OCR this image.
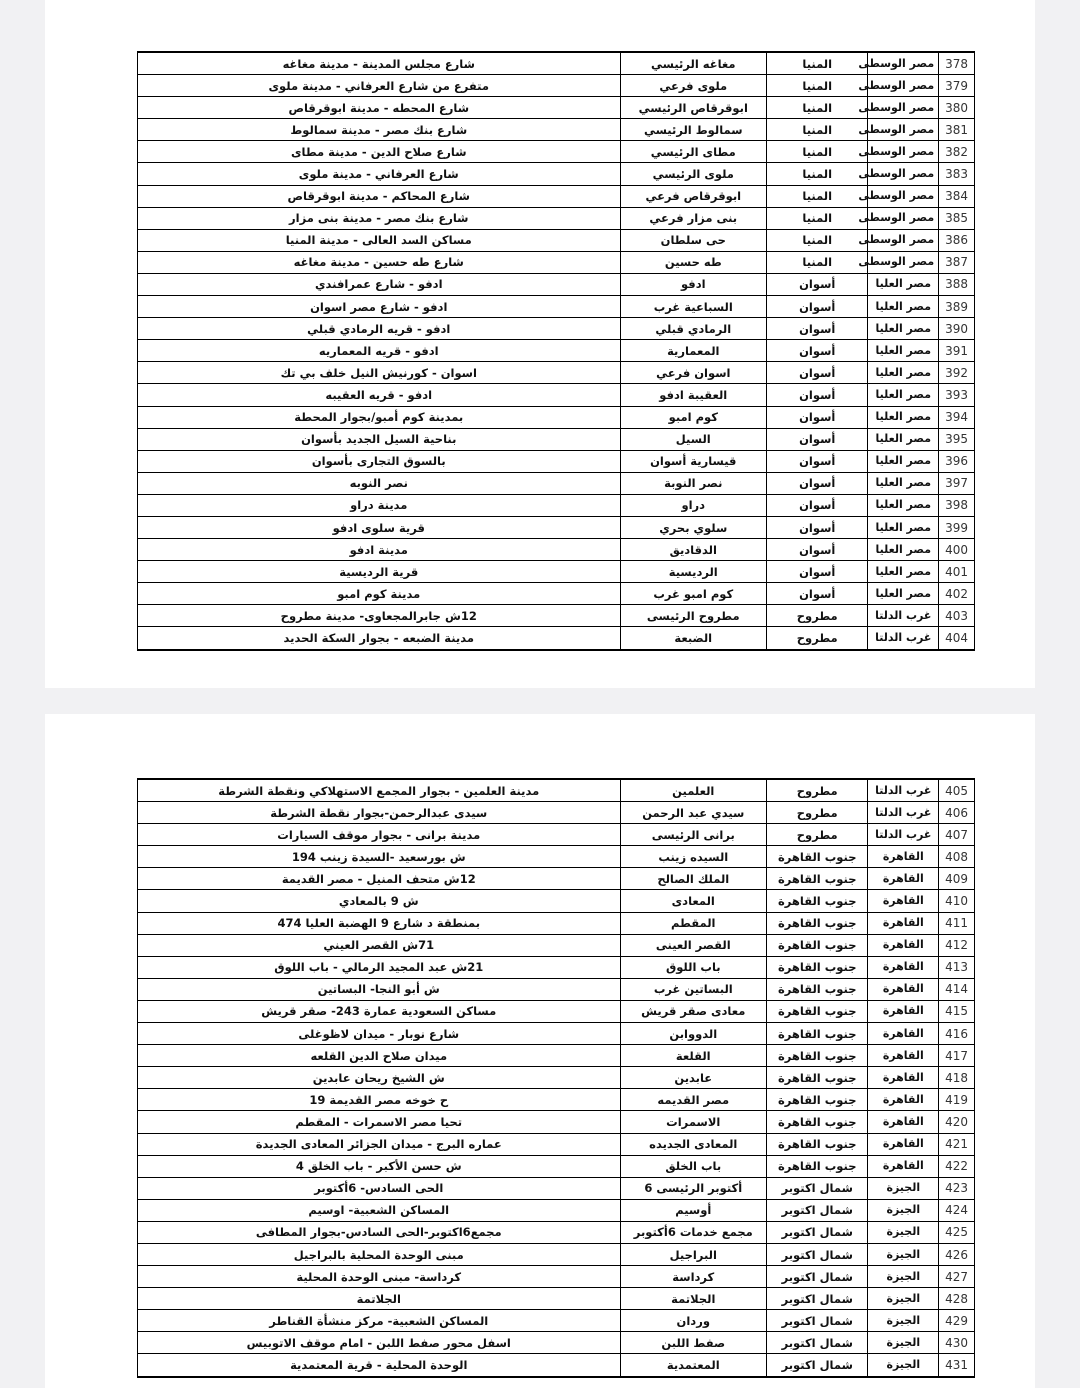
شارع مجلس المدينة - مدينة مغاغه	مغاغه الرئيسي	المنيا	مصر الوسطى	378
متفرع من شارع العرفاني - مدينة ملوى	ملوى فرعي	المنيا	مصر الوسطى	379
شارع المحطه - مدينة ابوقرقاص	ابوقرقاص الرئيسي	المنيا	مصر الوسطى	380
شارع بنك مصر - مدينة سمالوط	سمالوط الرئيسي	المنيا	مصر الوسطى	381
شارع صلاح الدين - مدينة مطاى	مطاى الرئيسي	المنيا	مصر الوسطى	382
شارع العرفاني - مدينة ملوى	ملوى الرئيسي	المنيا	مصر الوسطى	383
شارع المحاكم - مدينة ابوقرقاص	ابوقرقاص فرعي	المنيا	مصر الوسطى	384
شارع بنك مصر - مدينة بنى مزار	بنى مزار فرعي	المنيا	مصر الوسطى	385
مساكن السد العالى - مدينة المنيا	حى سلطان	المنيا	مصر الوسطى	386
شارع طه حسين - مدينة مغاغه	طه حسين	المنيا	مصر الوسطى	387
ادفو - شارع عمرافندي	ادفو	أسوان	مصر العليا	388
ادفو - شارع مصر اسوان	السباعية غرب	أسوان	مصر العليا	389
ادفو - قريه الرمادي قبلي	الرمادي قبلي	أسوان	مصر العليا	390
ادفو - قريه المعماريه	المعمارية	أسوان	مصر العليا	391
اسوان - كورنيش النيل خلف بي تك	اسوان فرعي	أسوان	مصر العليا	392
ادفو - قريه العقيبه	العقيبة ادفو	أسوان	مصر العليا	393
بمدينة كوم أمبو/بجوار المحطة	كوم امبو	أسوان	مصر العليا	394
بناحية السيل الجديد بأسوان	السيل	أسوان	مصر العليا	395
بالسوق التجارى بأسوان	قيسارية أسوان	أسوان	مصر العليا	396
نصر النوبه	نصر النوبة	أسوان	مصر العليا	397
مدينة دراو	دراو	أسوان	مصر العليا	398
قرية سلوى ادفو	سلوي بحري	أسوان	مصر العليا	399
مدينة ادفو	الدقاديق	أسوان	مصر العليا	400
قرية الرديسية	الرديسية	أسوان	مصر العليا	401
مدينة كوم امبو	كوم امبو غرب	أسوان	مصر العليا	402
12ش جابرالمجعاوى- مدينة مطروح	مطروح الرئيسى	مطروح	غرب الدلتا	403
مدينة الضبعه - بجوار السكة الحديد	الضبعة	مطروح	غرب الدلتا	404
مدينة العلمين - بجوار المجمع الاستهلاكي ونقطة الشرطة	العلمين	مطروح	غرب الدلتا	405
سيدى عبدالرحمن-بجوار نقطة الشرطة	سيدي عبد الرحمن	مطروح	غرب الدلتا	406
مدينة برانى - بجوار موقف السيارات	برانى الرئيسى	مطروح	غرب الدلتا	407
ش بورسعيد -السيدة زينب 194	السيده زينب	جنوب القاهرة	القاهرة	408
12ش متحف المنيل - مصر القديمة	الملك الصالح	جنوب القاهرة	القاهرة	409
ش 9 بالمعادي	المعادى	جنوب القاهرة	القاهرة	410
بمنطقة د شارع 9 الهضبة العليا 474	المقطم	جنوب القاهرة	القاهرة	411
71ش القصر العيني	القصر العينى	جنوب القاهرة	القاهرة	412
21ش عبد المجيد الرمالي - باب اللوق	باب اللوق	جنوب القاهرة	القاهرة	413
ش أبو النجا- البساتين	البساتين غرب	جنوب القاهرة	القاهرة	414
مساكن السعودية عمارة 243- صقر قريش	معادى صقر قريش	جنوب القاهرة	القاهرة	415
شارع نوبار - ميدان لاظوغلى	الدووابن	جنوب القاهرة	القاهرة	416
ميدان صلاح الدين القلعه	القلعة	جنوب القاهرة	القاهرة	417
ش الشيخ ريحان عابدين	عابدين	جنوب القاهرة	القاهرة	418
ح خوخه مصر القديمة 19	مصر القديمه	جنوب القاهرة	القاهرة	419
تحيا مصر الاسمرات - المقطم	الاسمرات	جنوب القاهرة	القاهرة	420
عماره البرج - ميدان الجزائر المعادى الجديدة	المعادى الجديده	جنوب القاهرة	القاهرة	421
ش حسن الأكبر - باب الخلق 4	باب الخلق	جنوب القاهرة	القاهرة	422
الحى السادس- 6أكتوبر	أكتوبر الرئيسى 6	شمال اكتوبر	الجيزة	423
المساكن الشعبية- اوسيم	أوسيم	شمال اكتوبر	الجيزة	424
مجمع6اكتوبر-الحى السادس-بجوار المطافى	مجمع خدمات 6أكتوبر	شمال اكتوبر	الجيزة	425
مبنى الوحدة المحلية بالبراجيل	البراجيل	شمال اكتوبر	الجيزة	426
كرداسة- مبنى الوحدة المحلية	كرداسة	شمال اكتوبر	الجيزة	427
الجلاتمة	الجلاتمة	شمال اكتوبر	الجيزة	428
المساكن الشعبية- مركز منشأة القناطر	وردان	شمال اكتوبر	الجيزة	429
اسفل محور صفط اللبن - امام موقف الاتوبيس	صفط اللبن	شمال اكتوبر	الجيزة	430
الوحدة المحلية - قرية المعتمدية	المعتمدية	شمال اكتوبر	الجيزة	431
